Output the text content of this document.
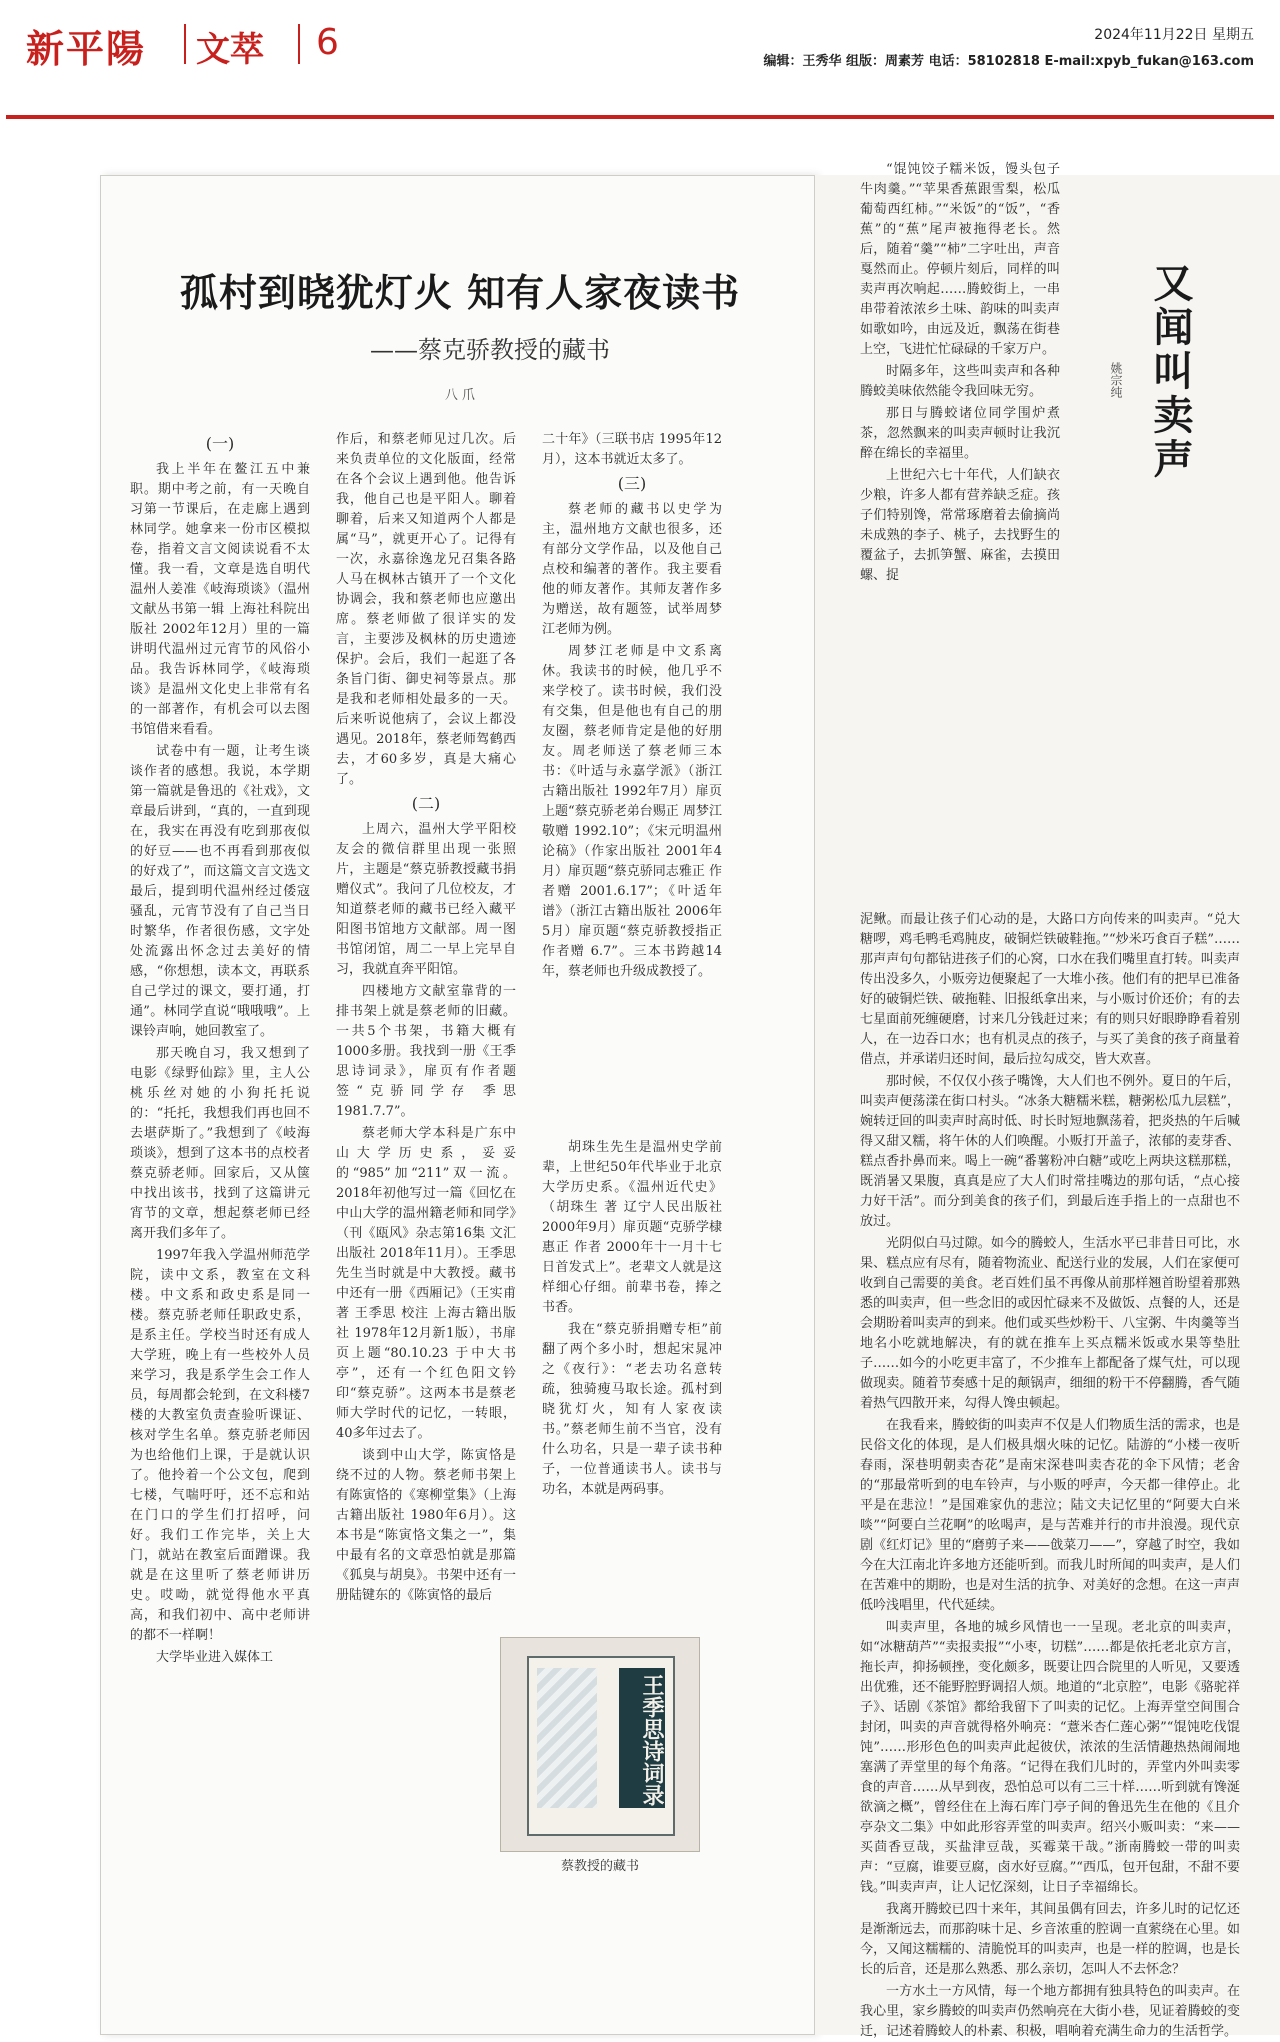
新平陽 文萃 6	2024年11月22日 星期五
编辑：王秀华 组版：周素芳 电话：58102818 E-mail:xpyb_fukan@163.com
孤村到晓犹灯火 知有人家夜读书
——蔡克骄教授的藏书
八 爪
(一)

我上半年在鳌江五中兼职。期中考之前，有一天晚自习第一节课后，在走廊上遇到林同学。她拿来一份市区模拟卷，指着文言文阅读说看不太懂。我一看，文章是选自明代温州人姜准《岐海琐谈》（温州文献丛书第一辑 上海社科院出版社 2002年12月）里的一篇讲明代温州过元宵节的风俗小品。我告诉林同学，《岐海琐谈》是温州文化史上非常有名的一部著作，有机会可以去图书馆借来看看。

试卷中有一题，让考生谈谈作者的感想。我说，本学期第一篇就是鲁迅的《社戏》，文章最后讲到，“真的，一直到现在，我实在再没有吃到那夜似的好豆——也不再看到那夜似的好戏了”，而这篇文言文选文最后，提到明代温州经过倭寇骚乱，元宵节没有了自己当日时繁华，作者很伤感，文字处处流露出怀念过去美好的情感，“你想想，读本文，再联系自己学过的课文，要打通，打通”。林同学直说“哦哦哦”。上课铃声响，她回教室了。

那天晚自习，我又想到了电影《绿野仙踪》里，主人公桃乐丝对她的小狗托托说的：“托托，我想我们再也回不去堪萨斯了。”我想到了《岐海琐谈》，想到了这本书的点校者蔡克骄老师。回家后，又从箧中找出该书，找到了这篇讲元宵节的文章，想起蔡老师已经离开我们多年了。

1997年我入学温州师范学院，读中文系，教室在文科楼。中文系和政史系是同一楼。蔡克骄老师任职政史系，是系主任。学校当时还有成人大学班，晚上有一些校外人员来学习，我是系学生会工作人员，每周都会轮到，在文科楼7楼的大教室负责查验听课证、核对学生名单。蔡克骄老师因为也给他们上课，于是就认识了。他拎着一个公文包，爬到七楼，气喘吁吁，还不忘和站在门口的学生们打招呼，问好。我们工作完毕，关上大门，就站在教室后面蹭课。我就是在这里听了蔡老师讲历史。哎呦，就觉得他水平真高，和我们初中、高中老师讲的都不一样啊！

大学毕业进入媒体工

作后，和蔡老师见过几次。后来负责单位的文化版面，经常在各个会议上遇到他。他告诉我，他自己也是平阳人。聊着聊着，后来又知道两个人都是属“马”，就更开心了。记得有一次，永嘉徐逸龙兄召集各路人马在枫林古镇开了一个文化协调会，我和蔡老师也应邀出席。蔡老师做了很详实的发言，主要涉及枫林的历史遗迹保护。会后，我们一起逛了各条旨门街、御史祠等景点。那是我和老师相处最多的一天。后来听说他病了，会议上都没遇见。2018年，蔡老师驾鹤西去，才60多岁，真是大痛心了。

(二)

上周六，温州大学平阳校友会的微信群里出现一张照片，主题是“蔡克骄教授藏书捐赠仪式”。我问了几位校友，才知道蔡老师的藏书已经入藏平阳图书馆地方文献部。周一图书馆闭馆，周二一早上完早自习，我就直奔平阳馆。

四楼地方文献室靠背的一排书架上就是蔡老师的旧藏。一共5个书架，书籍大概有1000多册。我找到一册《王季思诗词录》，扉页有作者题签“克骄同学存 季思 1981.7.7”。

蔡老师大学本科是广东中山大学历史系，妥妥的“985”加“211”双一流。2018年初他写过一篇《回忆在中山大学的温州籍老师和同学》（刊《瓯风》杂志第16集 文汇出版社 2018年11月）。王季思先生当时就是中大教授。藏书中还有一册《西厢记》（王实甫 著 王季思 校注 上海古籍出版社 1978年12月新1版），书扉页上题“80.10.23 于中大书亭”，还有一个红色阳文钤印“蔡克骄”。这两本书是蔡老师大学时代的记忆，一转眼，40多年过去了。

谈到中山大学，陈寅恪是绕不过的人物。蔡老师书架上有陈寅恪的《寒柳堂集》（上海古籍出版社 1980年6月）。这本书是“陈寅恪文集之一”，集中最有名的文章恐怕就是那篇《狐臭与胡臭》。书架中还有一册陆键东的《陈寅恪的最后

二十年》（三联书店 1995年12月），这本书就近太多了。

(三)

蔡老师的藏书以史学为主，温州地方文献也很多，还有部分文学作品，以及他自己点校和编著的著作。我主要看他的师友著作。其师友著作多为赠送，故有题签，试举周梦江老师为例。

周梦江老师是中文系离休。我读书的时候，他几乎不来学校了。读书时候，我们没有交集，但是他也有自己的朋友圈，蔡老师肯定是他的好朋友。周老师送了蔡老师三本书：《叶适与永嘉学派》（浙江古籍出版社 1992年7月）扉页上题“蔡克骄老弟台赐正 周梦江敬赠 1992.10”；《宋元明温州论稿》（作家出版社 2001年4月）扉页题“蔡克骄同志雅正 作者赠 2001.6.17”；《叶适年谱》（浙江古籍出版社 2006年5月）扉页题“蔡克骄教授指正 作者赠 6.7”。三本书跨越14年，蔡老师也升级成教授了。

胡珠生先生是温州史学前辈，上世纪50年代毕业于北京大学历史系。《温州近代史》（胡珠生 著 辽宁人民出版社 2000年9月）扉页题“克骄学棣惠正 作者 2000年十一月十七日首发式上”。老辈文人就是这样细心仔细。前辈书卷，捧之书香。

我在“蔡克骄捐赠专柜”前翻了两个多小时，想起宋晁冲之《夜行》：“老去功名意转疏，独骑瘦马取长途。孤村到晓犹灯火，知有人家夜读书。”蔡老师生前不当官，没有什么功名，只是一辈子读书种子，一位普通读书人。读书与功名，本就是两码事。

王季思诗词录
蔡教授的藏书
又闻叫卖声
姚宗纯

“馄饨饺子糯米饭，馒头包子牛肉羹。”“苹果香蕉跟雪梨，松瓜葡萄西红柿。”“米饭”的“饭”，“香蕉”的“蕉”尾声被拖得老长。然后，随着“羹”“柿”二字吐出，声音戛然而止。停顿片刻后，同样的叫卖声再次响起……腾蛟街上，一串串带着浓浓乡土味、韵味的叫卖声如歌如吟，由远及近，飘荡在街巷上空，飞进忙忙碌碌的千家万户。

时隔多年，这些叫卖声和各种腾蛟美味依然能令我回味无穷。

那日与腾蛟诸位同学围炉煮茶，忽然飘来的叫卖声顿时让我沉醉在绵长的幸福里。

上世纪六七十年代，人们缺衣少粮，许多人都有营养缺乏症。孩子们特别馋，常常琢磨着去偷摘尚未成熟的李子、桃子，去找野生的覆盆子，去抓笋蟹、麻雀，去摸田螺、捉

泥鳅。而最让孩子们心动的是，大路口方向传来的叫卖声。“兑大糖啰，鸡毛鸭毛鸡肫皮，破铜烂铁破鞋拖。”“炒米巧食百子糕”……那声声句句都钻进孩子们的心窝，口水在我们嘴里直打转。叫卖声传出没多久，小贩旁边便聚起了一大堆小孩。他们有的把早已准备好的破铜烂铁、破拖鞋、旧报纸拿出来，与小贩讨价还价；有的去七星面前死缠硬磨，讨来几分钱赶过来；有的则只好眼睁睁看着别人，在一边吞口水；也有机灵点的孩子，与买了美食的孩子商量着借点，并承诺归还时间，最后拉勾成交，皆大欢喜。

那时候，不仅仅小孩子嘴馋，大人们也不例外。夏日的午后，叫卖声便荡漾在街口村头。“冰条大糖糯米糕，糖粥松瓜九层糕”，婉转迂回的叫卖声时高时低、时长时短地飘荡着，把炎热的午后喊得又甜又糯，将午休的人们唤醒。小贩打开盖子，浓郁的麦芽香、糕点香扑鼻而来。喝上一碗“番薯粉冲白糖”或吃上两块这糕那糕，既消暑又果腹，真真是应了大人们时常挂嘴边的那句话，“点心接力好干活”。而分到美食的孩子们，到最后连手指上的一点甜也不放过。

光阴似白马过隙。如今的腾蛟人，生活水平已非昔日可比，水果、糕点应有尽有，随着物流业、配送行业的发展，人们在家便可收到自己需要的美食。老百姓们虽不再像从前那样翘首盼望着那熟悉的叫卖声，但一些念旧的或因忙碌来不及做饭、点餐的人，还是会期盼着叫卖声的到来。他们或买些炒粉干、八宝粥、牛肉羹等当地名小吃就地解决，有的就在推车上买点糯米饭或水果等垫肚子……如今的小吃更丰富了，不少推车上都配备了煤气灶，可以现做现卖。随着节奏感十足的颠锅声，细细的粉干不停翻腾，香气随着热气四散开来，勾得人馋虫顿起。

在我看来，腾蛟街的叫卖声不仅是人们物质生活的需求，也是民俗文化的体现，是人们极具烟火味的记忆。陆游的“小楼一夜听春雨，深巷明朝卖杏花”是南宋深巷叫卖杏花的伞下风情；老舍的“那最常听到的电车铃声，与小贩的呼声，今天都一律停止。北平是在悲泣！”是国难家仇的悲泣；陆文夫记忆里的“阿要大白米啖”“阿要白兰花啊”的吆喝声，是与苦难并行的市井浪漫。现代京剧《红灯记》里的“磨剪子来——戗菜刀——”，穿越了时空，我如今在大江南北许多地方还能听到。而我儿时所闻的叫卖声，是人们在苦难中的期盼，也是对生活的抗争、对美好的念想。在这一声声低吟浅唱里，代代延续。

叫卖声里，各地的城乡风情也一一呈现。老北京的叫卖声，如“冰糖葫芦”“卖报卖报”“小枣，切糕”……都是依托老北京方言，拖长声，抑扬顿挫，变化颇多，既要让四合院里的人听见，又要透出优雅，还不能野腔野调招人烦。地道的“北京腔”，电影《骆驼祥子》、话剧《茶馆》都给我留下了叫卖的记忆。上海弄堂空间围合封闭，叫卖的声音就得格外响亮：“薏米杏仁莲心粥”“馄饨吃伐馄饨”……形形色色的叫卖声此起彼伏，浓浓的生活情趣热热闹闹地塞满了弄堂里的每个角落。“记得在我们儿时的，弄堂内外叫卖零食的声音……从早到夜，恐怕总可以有二三十样……听到就有馋涎欲滴之概”，曾经住在上海石库门亭子间的鲁迅先生在他的《且介亭杂文二集》中如此形容弄堂的叫卖声。绍兴小贩叫卖：“来——买茴香豆哉，买盐津豆哉，买霉菜干哉。”浙南腾蛟一带的叫卖声：“豆腐，谁要豆腐，卤水好豆腐。”“西瓜，包开包甜，不甜不要钱。”叫卖声声，让人记忆深刻，让日子幸福绵长。

我离开腾蛟已四十来年，其间虽偶有回去，许多儿时的记忆还是渐渐远去，而那韵味十足、乡音浓重的腔调一直萦绕在心里。如今，又闻这糯糯的、清脆悦耳的叫卖声，也是一样的腔调，也是长长的后音，还是那么熟悉、那么亲切，怎叫人不去怀念？

一方水土一方风情，每一个地方都拥有独具特色的叫卖声。在我心里，家乡腾蛟的叫卖声仍然响亮在大街小巷，见证着腾蛟的变迁，记述着腾蛟人的朴素、积极，唱响着充满生命力的生活哲学。
